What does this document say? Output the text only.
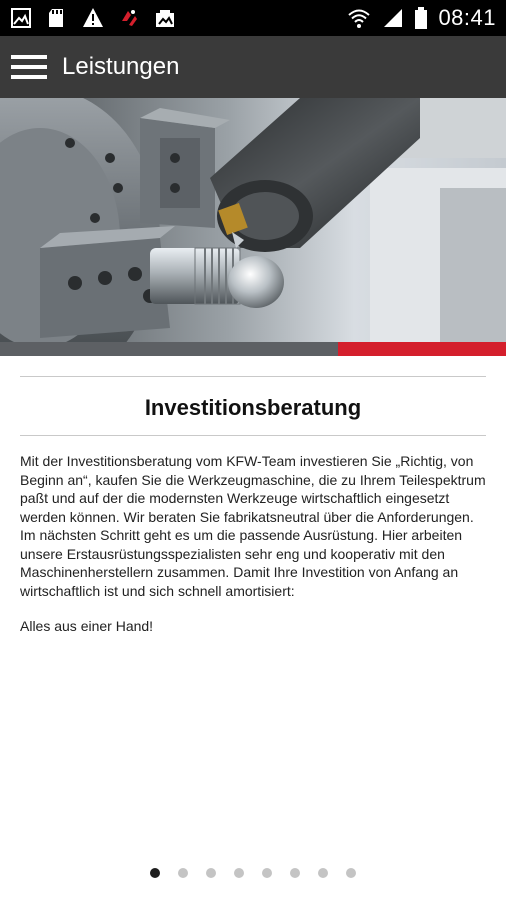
08:41
Leistungen
Investitionsberatung

Mit der Investitionsberatung vom KFW-Team investieren Sie „Richtig, von Beginn an“, kaufen Sie die Werkzeugmaschine, die zu Ihrem Teilespektrum paßt und auf der die modernsten Werkzeuge wirtschaftlich eingesetzt werden können. Wir beraten Sie fabrikatsneutral über die Anforderungen. Im nächsten Schritt geht es um die passende Ausrüstung. Hier arbeiten unsere Erstausrüstungsspezialisten sehr eng und kooperativ mit den Maschinenherstellern zusammen. Damit Ihre Investition von Anfang an wirtschaftlich ist und sich schnell amortisiert:

Alles aus einer Hand!
